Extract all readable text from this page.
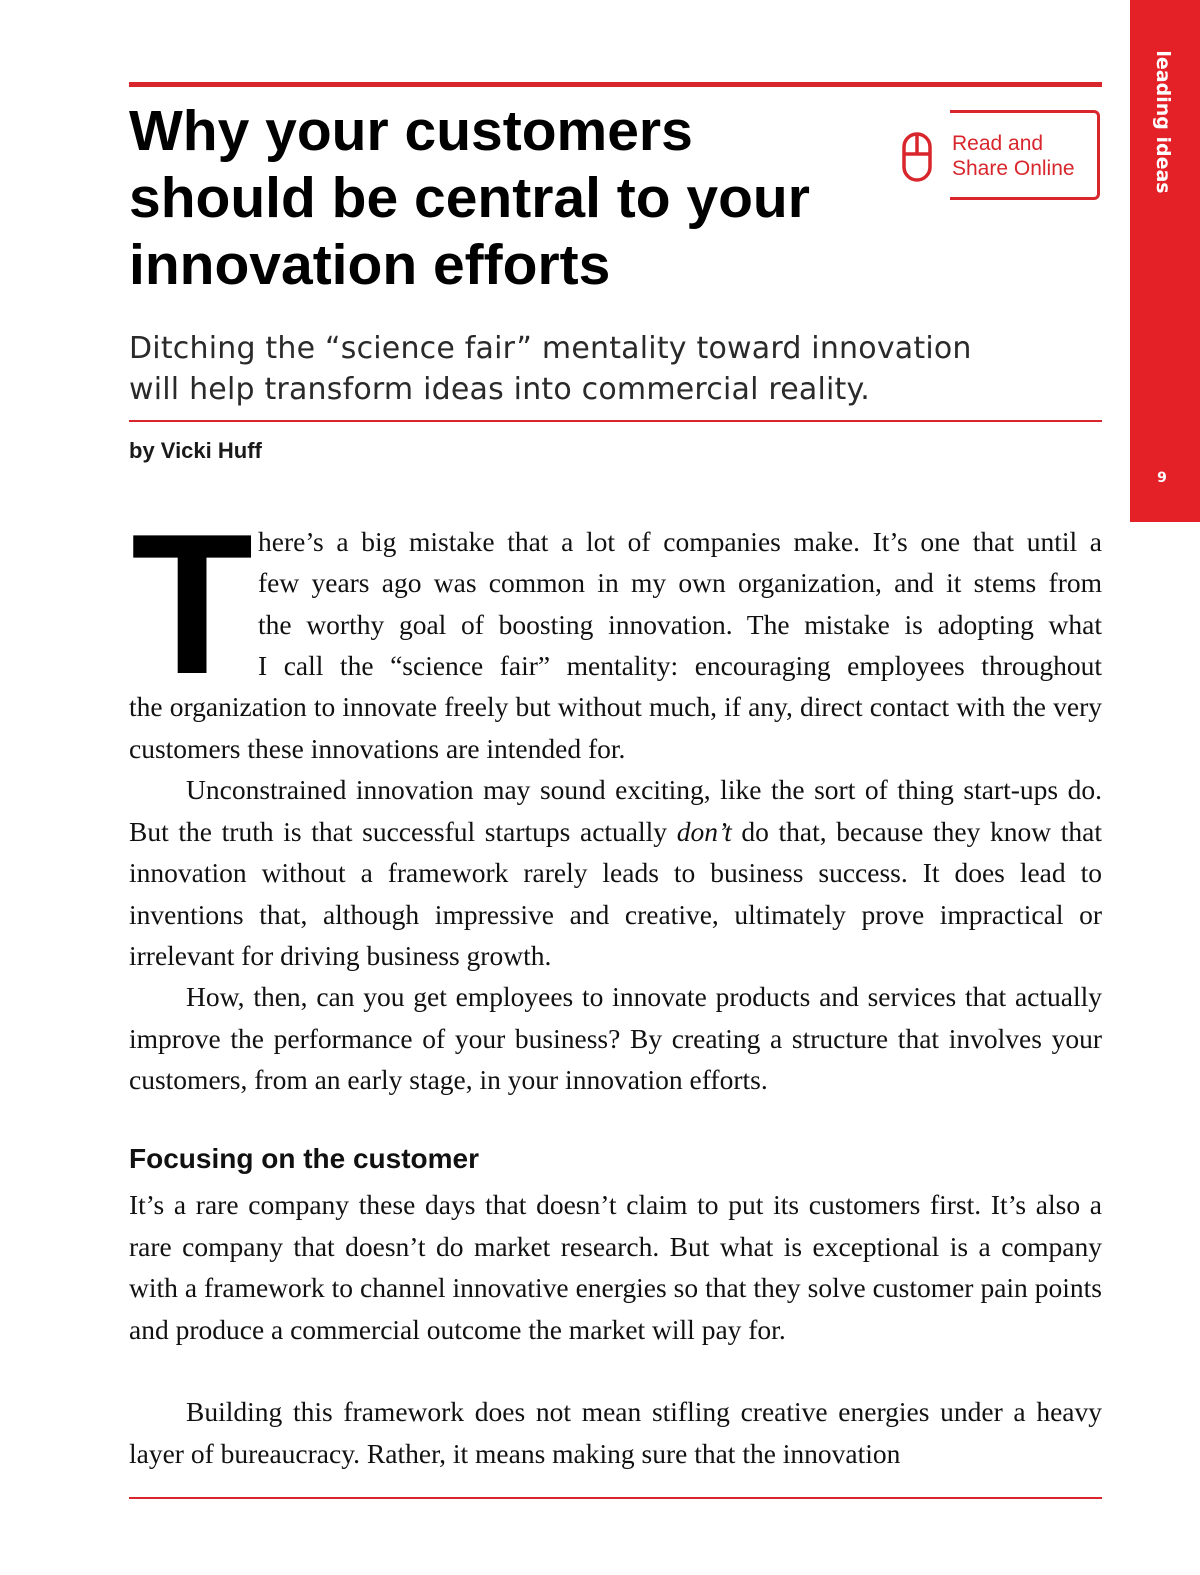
leading ideas
9
Why your customers should be central to your innovation efforts
Read and
Share Online
Ditching the “science fair” mentality toward innovation
will help transform ideas into commercial reality.

by Vicki Huff

T here’s a big mistake that a lot of companies make. It’s one that until a

few years ago was common in my own organization, and it stems from

the worthy goal of boosting innovation. The mistake is adopting what

I call the “science fair” mentality: encouraging employees throughout

the organization to innovate freely but without much, if any, direct contact with the very customers these innovations are intended for.

Unconstrained innovation may sound exciting, like the sort of thing start-ups do. But the truth is that successful startups actually don’t do that, because they know that innovation without a framework rarely leads to business success. It does lead to inventions that, although impressive and creative, ultimately prove impractical or irrelevant for driving business growth.

How, then, can you get employees to innovate products and services that actually improve the performance of your business? By creating a structure that involves your customers, from an early stage, in your innovation efforts.

Focusing on the customer

It’s a rare company these days that doesn’t claim to put its customers first. It’s also a rare company that doesn’t do market research. But what is exceptional is a company with a framework to channel innovative energies so that they solve customer pain points and produce a commercial outcome the market will pay for.

Building this framework does not mean stifling creative energies under a heavy layer of bureaucracy. Rather, it means making sure that the innovation
